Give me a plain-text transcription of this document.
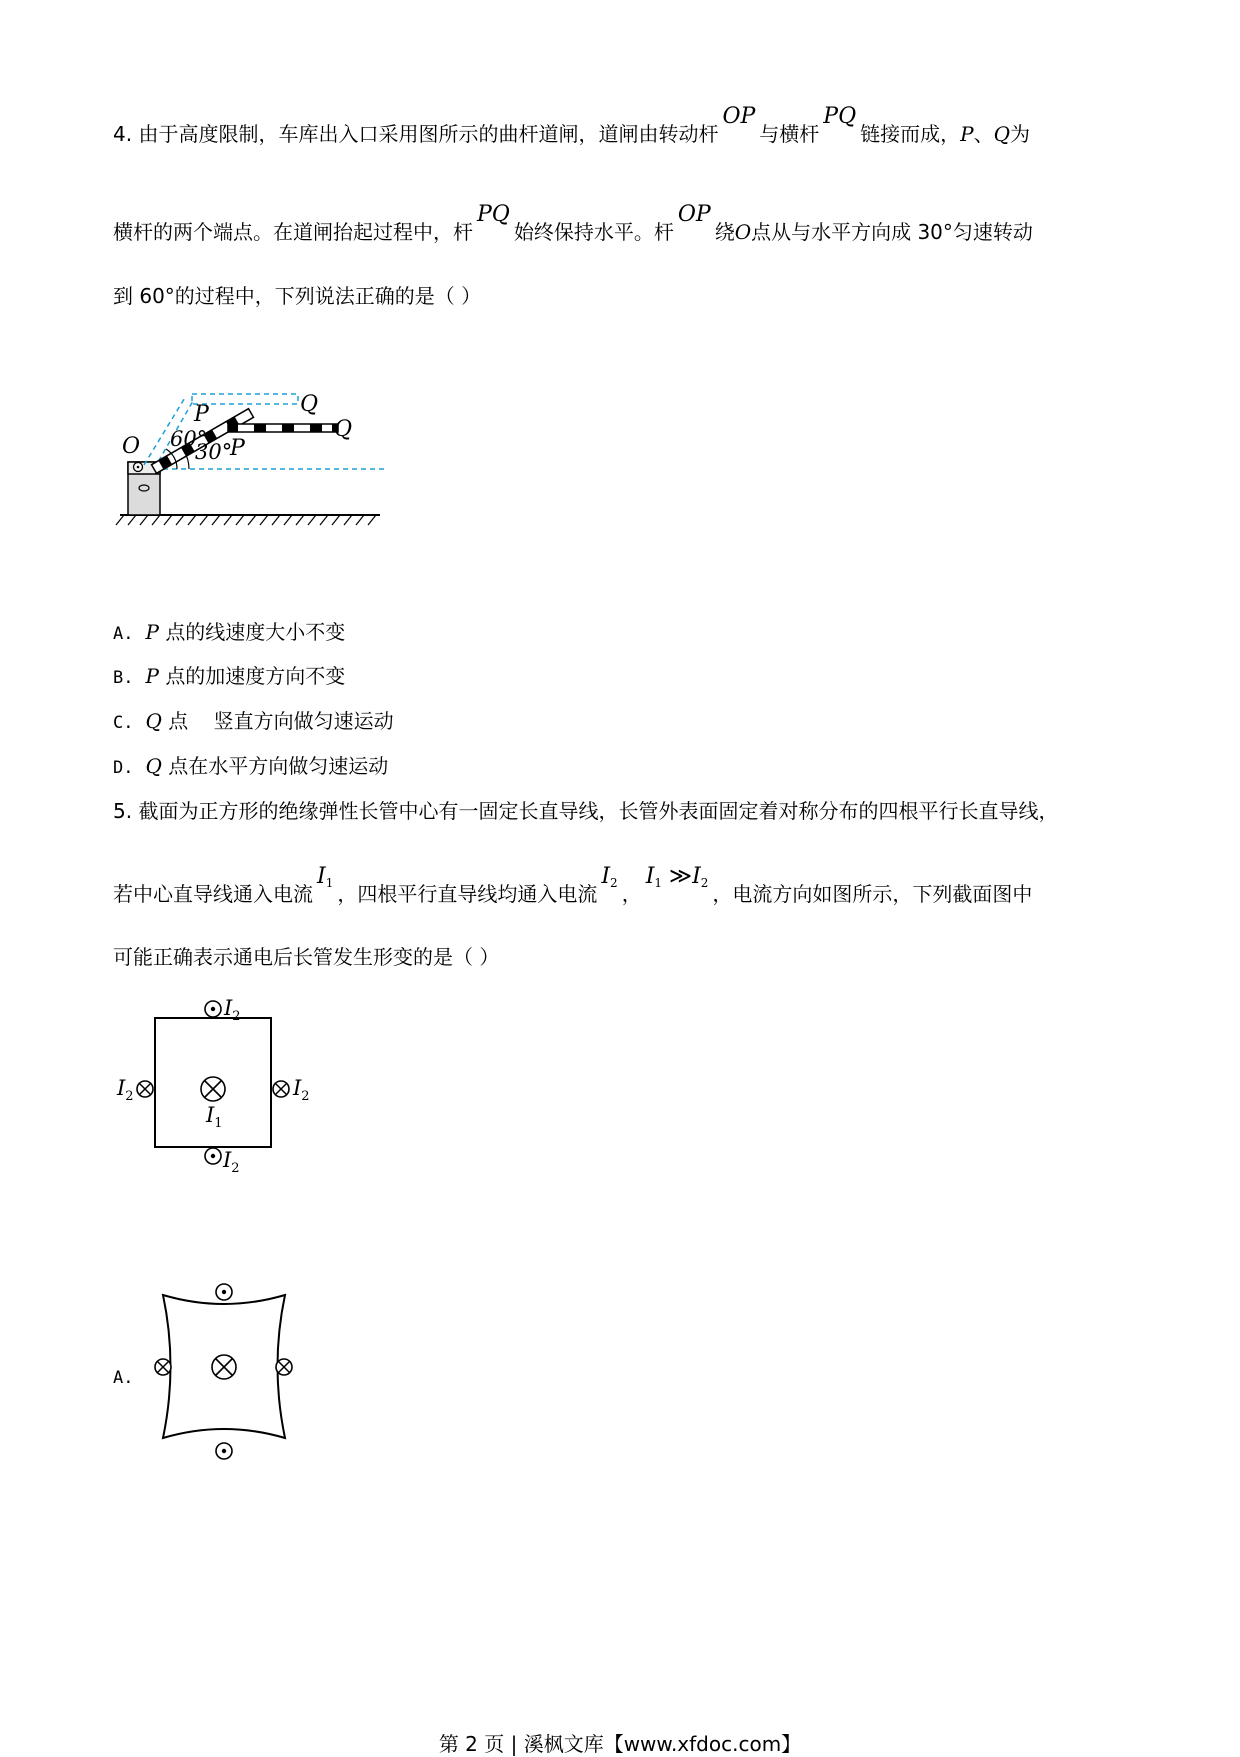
4. 由于高度限制，车库出入口采用图所示的曲杆道闸，道闸由转动杆OP与横杆PQ链接而成，P、Q为
横杆的两个端点。在道闸抬起过程中，杆PQ始终保持水平。杆OP绕O点从与水平方向成 30°匀速转动
到 60°的过程中，下列说法正确的是（ ）
O
P	Q
P
Q
60°
30°
A. P 点的线速度大小不变
B. P 点的加速度方向不变
C. Q 点    竖直方向做匀速运动
D. Q 点在水平方向做匀速运动
5. 截面为正方形的绝缘弹性长管中心有一固定长直导线，长管外表面固定着对称分布的四根平行长直导线，
若中心直导线通入电流$I_1$ ，四根平行直导线均通入电流$I_2$ ，$I_1$ $≫I_2$ ，电流方向如图所示，下列截面图中
可能正确表示通电后长管发生形变的是（ ）
$I_2$
$I_2$
$I_2$	$I_2$
$I_1$
A.
第 2 页 | 溪枫文库【www.xfdoc.com】
